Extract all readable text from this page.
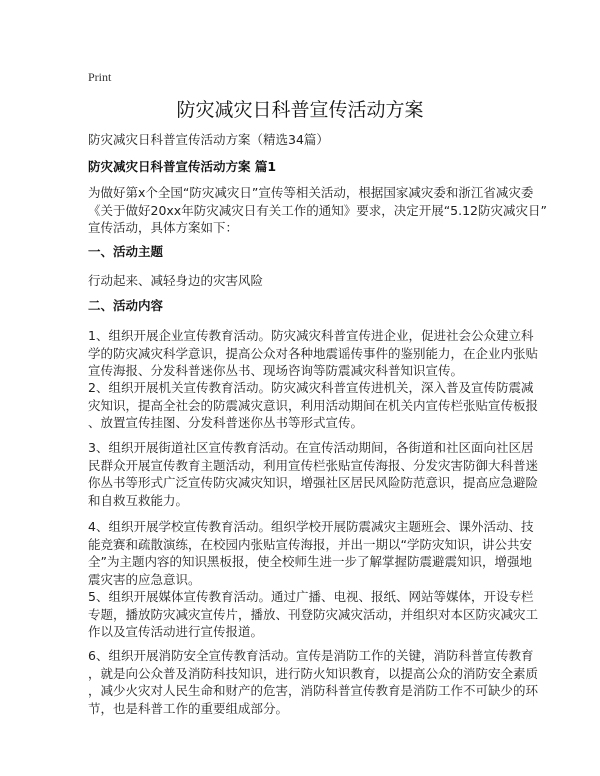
Print
防灾减灾日科普宣传活动方案
防灾减灾日科普宣传活动方案（精选34篇）
防灾减灾日科普宣传活动方案 篇1
为做好第x个全国“防灾减灾日”宣传等相关活动，根据国家减灾委和浙江省减灾委
《关于做好20xx年防灾减灾日有关工作的通知》要求，决定开展“5.12防灾减灾日”
宣传活动，具体方案如下：
一、活动主题
行动起来、减轻身边的灾害风险
二、活动内容
1、组织开展企业宣传教育活动。防灾减灾科普宣传进企业，促进社会公众建立科
学的防灾减灾科学意识，提高公众对各种地震谣传事件的鉴别能力，在企业内张贴
宣传海报、分发科普迷你丛书、现场咨询等防震减灾科普知识宣传。
2、组织开展机关宣传教育活动。防灾减灾科普宣传进机关，深入普及宣传防震减
灾知识，提高全社会的防震减灾意识，利用活动期间在机关内宣传栏张贴宣传板报
、放置宣传挂图、分发科普迷你丛书等形式宣传。
3、组织开展街道社区宣传教育活动。在宣传活动期间，各街道和社区面向社区居
民群众开展宣传教育主题活动，利用宣传栏张贴宣传海报、分发灾害防御大科普迷
你丛书等形式广泛宣传防灾减灾知识，增强社区居民风险防范意识，提高应急避险
和自救互救能力。
4、组织开展学校宣传教育活动。组织学校开展防震减灾主题班会、课外活动、技
能竞赛和疏散演练，在校园内张贴宣传海报，并出一期以“学防灾知识，讲公共安
全”为主题内容的知识黑板报，使全校师生进一步了解掌握防震避震知识，增强地
震灾害的应急意识。
5、组织开展媒体宣传教育活动。通过广播、电视、报纸、网站等媒体，开设专栏
专题，播放防灾减灾宣传片，播放、刊登防灾减灾活动，并组织对本区防灾减灾工
作以及宣传活动进行宣传报道。
6、组织开展消防安全宣传教育活动。宣传是消防工作的关键，消防科普宣传教育
，就是向公众普及消防科技知识，进行防火知识教育，以提高公众的消防安全素质
，减少火灾对人民生命和财产的危害，消防科普宣传教育是消防工作不可缺少的环
节，也是科普工作的重要组成部分。
